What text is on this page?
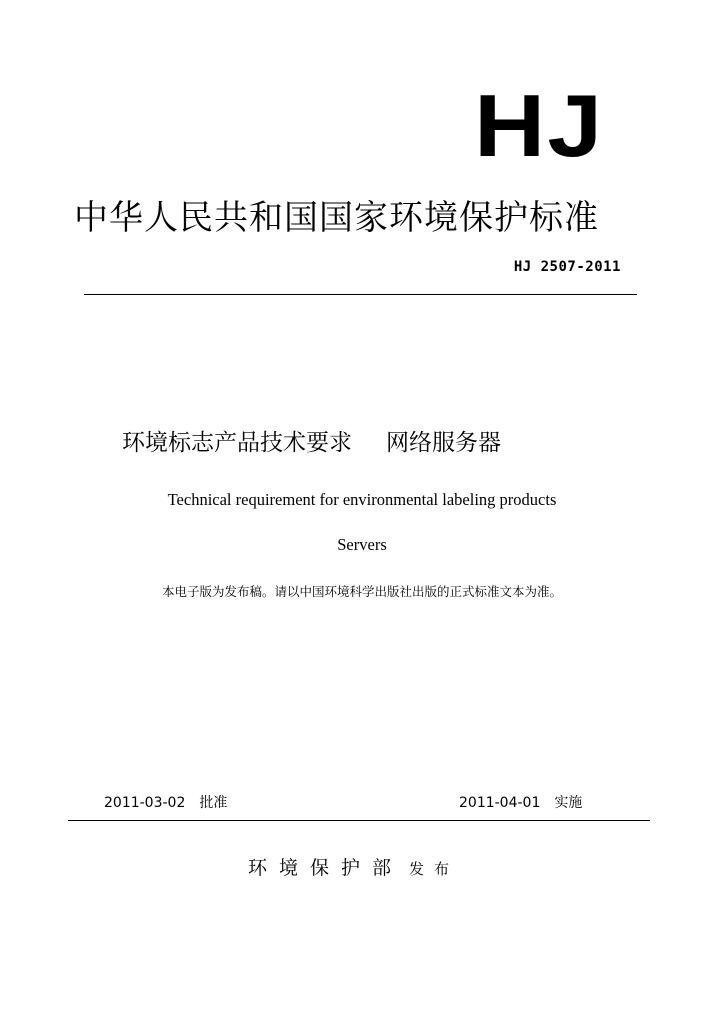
HJ
中华人民共和国国家环境保护标准
HJ 2507-2011
环境标志产品技术要求 网络服务器
Technical requirement for environmental labeling products
Servers
本电子版为发布稿。请以中国环境科学出版社出版的正式标准文本为准。
2011-03-02 批准	2011-04-01 实施
环境保护部 发布
